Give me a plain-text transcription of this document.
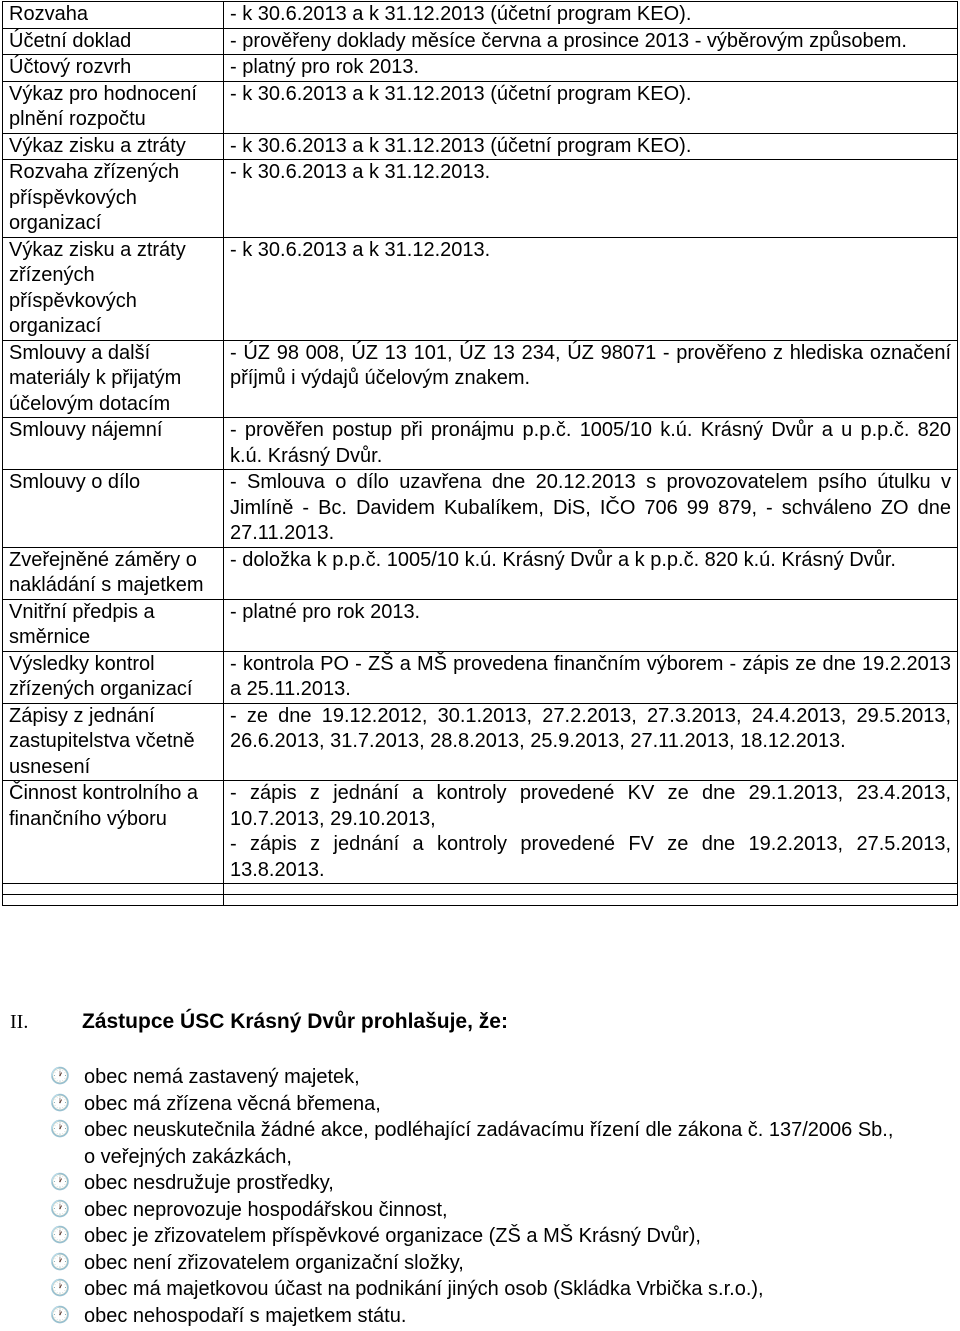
Rozvaha	- k 30.6.2013 a k 31.12.2013 (účetní program KEO).

Účetní doklad	- prověřeny doklady měsíce června a prosince 2013 - výběrovým způsobem.

Účtový rozvrh	- platný pro rok 2013.

Výkaz pro hodnocení plnění rozpočtu	- k 30.6.2013 a k 31.12.2013 (účetní program KEO).

Výkaz zisku a ztráty	- k 30.6.2013 a k 31.12.2013 (účetní program KEO).

Rozvaha zřízených příspěvkových organizací	- k 30.6.2013 a k 31.12.2013.

Výkaz zisku a ztráty zřízených příspěvkových organizací	- k 30.6.2013 a k 31.12.2013.

Smlouvy a další materiály k přijatým účelovým dotacím	- ÚZ 98 008, ÚZ 13 101, ÚZ 13 234, ÚZ 98071 - prověřeno z hlediska označení příjmů i výdajů účelovým znakem.

Smlouvy nájemní	- prověřen postup při pronájmu p.p.č. 1005/10 k.ú. Krásný Dvůr a u p.p.č. 820 k.ú. Krásný Dvůr.

Smlouvy o dílo	- Smlouva o dílo uzavřena dne 20.12.2013 s provozovatelem psího útulku v Jimlíně - Bc. Davidem Kubalíkem, DiS, IČO 706 99 879, - schváleno ZO dne 27.11.2013.

Zveřejněné záměry o nakládání s majetkem	- doložka k p.p.č. 1005/10 k.ú. Krásný Dvůr a k p.p.č. 820 k.ú. Krásný Dvůr.

Vnitřní předpis a směrnice	- platné pro rok 2013.

Výsledky kontrol zřízených organizací	- kontrola PO - ZŠ a MŠ provedena finančním výborem - zápis ze dne 19.2.2013 a 25.11.2013.

Zápisy z jednání zastupitelstva včetně usnesení	- ze dne 19.12.2012, 30.1.2013, 27.2.2013, 27.3.2013, 24.4.2013, 29.5.2013, 26.6.2013, 31.7.2013, 28.8.2013, 25.9.2013, 27.11.2013, 18.12.2013.

Činnost kontrolního a finančního výboru	- zápis z jednání a kontroly provedené KV ze dne 29.1.2013, 23.4.2013, 10.7.2013, 29.10.2013,
- zápis z jednání a kontroly provedené FV ze dne 19.2.2013, 27.5.2013, 13.8.2013.

II.	Zástupce ÚSC Krásný Dvůr prohlašuje, že:
🕐 obec nemá zastavený majetek,
🕐 obec má zřízena věcná břemena,
🕐 obec neuskutečnila žádné akce, podléhající zadávacímu řízení dle zákona č. 137/2006 Sb., o veřejných zakázkách,
🕐 obec nesdružuje prostředky,
🕐 obec neprovozuje hospodářskou činnost,
🕐 obec je zřizovatelem příspěvkové organizace (ZŠ a MŠ Krásný Dvůr),
🕐 obec není zřizovatelem organizační složky,
🕐 obec má majetkovou účast na podnikání jiných osob (Skládka Vrbička s.r.o.),
🕐 obec nehospodaří s majetkem státu.
